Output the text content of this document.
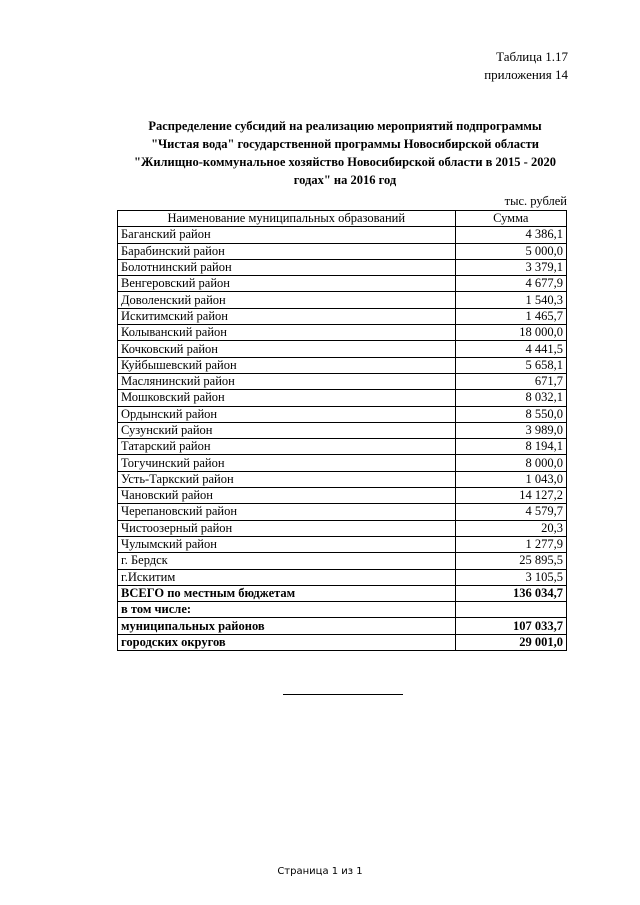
Таблица 1.17
приложения 14
Распределение субсидий на реализацию мероприятий подпрограммы
"Чистая вода" государственной программы Новосибирской области
"Жилищно-коммунальное хозяйство Новосибирской области в 2015 - 2020
годах" на 2016 год
тыс. рублей
Наименование муниципальных образований	Сумма
Баганский район	4 386,1
Барабинский район	5 000,0
Болотнинский район	3 379,1
Венгеровский район	4 677,9
Доволенский район	1 540,3
Искитимский район	1 465,7
Колыванский район	18 000,0
Кочковский район	4 441,5
Куйбышевский район	5 658,1
Маслянинский район	671,7
Мошковский район	8 032,1
Ордынский район	8 550,0
Сузунский район	3 989,0
Татарский район	8 194,1
Тогучинский район	8 000,0
Усть-Таркский район	1 043,0
Чановский район	14 127,2
Черепановский район	4 579,7
Чистоозерный район	20,3
Чулымский район	1 277,9
г. Бердск	25 895,5
г.Искитим	3 105,5
ВСЕГО по местным бюджетам	136 034,7
в том числе:	
муниципальных районов	107 033,7
городских округов	29 001,0
Страница 1 из 1
